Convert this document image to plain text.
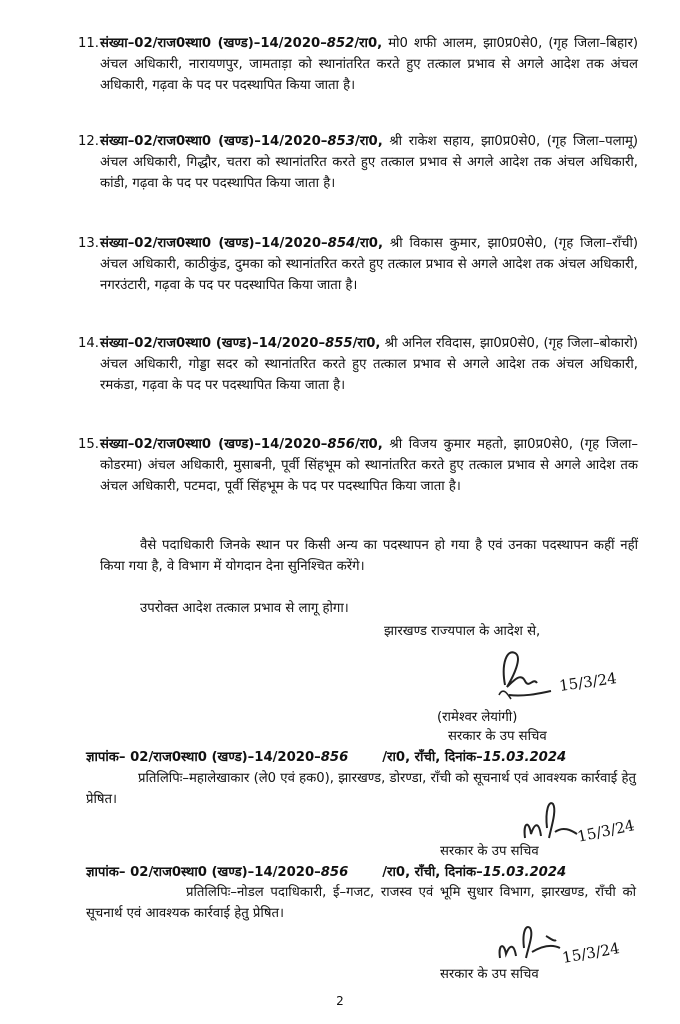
11. संख्या–02/राज0स्था0 (खण्ड)–14/2020–852/रा0, मो0 शफी आलम, झा0प्र0से0, (गृह जिला–बिहार) अंचल अधिकारी, नारायणपुर, जामताड़ा को स्थानांतरित करते हुए तत्काल प्रभाव से अगले आदेश तक अंचल अधिकारी, गढ़वा के पद पर पदस्थापित किया जाता है।
12. संख्या–02/राज0स्था0 (खण्ड)–14/2020–853/रा0, श्री राकेश सहाय, झा0प्र0से0, (गृह जिला–पलामू) अंचल अधिकारी, गिद्धौर, चतरा को स्थानांतरित करते हुए तत्काल प्रभाव से अगले आदेश तक अंचल अधिकारी, कांडी, गढ़वा के पद पर पदस्थापित किया जाता है।
13. संख्या–02/राज0स्था0 (खण्ड)–14/2020–854/रा0, श्री विकास कुमार, झा0प्र0से0, (गृह जिला–राँची) अंचल अधिकारी, काठीकुंड, दुमका को स्थानांतरित करते हुए तत्काल प्रभाव से अगले आदेश तक अंचल अधिकारी, नगरउंटारी, गढ़वा के पद पर पदस्थापित किया जाता है।
14. संख्या–02/राज0स्था0 (खण्ड)–14/2020–855/रा0, श्री अनिल रविदास, झा0प्र0से0, (गृह जिला–बोकारो) अंचल अधिकारी, गोड्डा सदर को स्थानांतरित करते हुए तत्काल प्रभाव से अगले आदेश तक अंचल अधिकारी, रमकंडा, गढ़वा के पद पर पदस्थापित किया जाता है।
15. संख्या–02/राज0स्था0 (खण्ड)–14/2020–856/रा0, श्री विजय कुमार महतो, झा0प्र0से0, (गृह जिला–कोडरमा) अंचल अधिकारी, मुसाबनी, पूर्वी सिंहभूम को स्थानांतरित करते हुए तत्काल प्रभाव से अगले आदेश तक अंचल अधिकारी, पटमदा, पूर्वी सिंहभूम के पद पर पदस्थापित किया जाता है।
वैसे पदाधिकारी जिनके स्थान पर किसी अन्य का पदस्थापन हो गया है एवं उनका पदस्थापन कहीं नहीं किया गया है, वे विभाग में योगदान देना सुनिश्चित करेंगे।
उपरोक्त आदेश तत्काल प्रभाव से लागू होगा।
झारखण्ड राज्यपाल के आदेश से,
15/3/24
(रामेश्वर लेयांगी)
सरकार के उप सचिव
ज्ञापांक– 02/राज0स्था0 (खण्ड)–14/2020–856	/रा0, राँची, दिनांक–15.03.2024
प्रतिलिपिः–महालेखाकार (ले0 एवं हक0), झारखण्ड, डोरण्डा, राँची को सूचनार्थ एवं आवश्यक कार्रवाई हेतु प्रेषित।
15/3/24
सरकार के उप सचिव
ज्ञापांक– 02/राज0स्था0 (खण्ड)–14/2020–856	/रा0, राँची, दिनांक–15.03.2024
प्रतिलिपिः–नोडल पदाधिकारी, ई–गजट, राजस्व एवं भूमि सुधार विभाग, झारखण्ड, राँची को सूचनार्थ एवं आवश्यक कार्रवाई हेतु प्रेषित।
15/3/24
सरकार के उप सचिव
2
